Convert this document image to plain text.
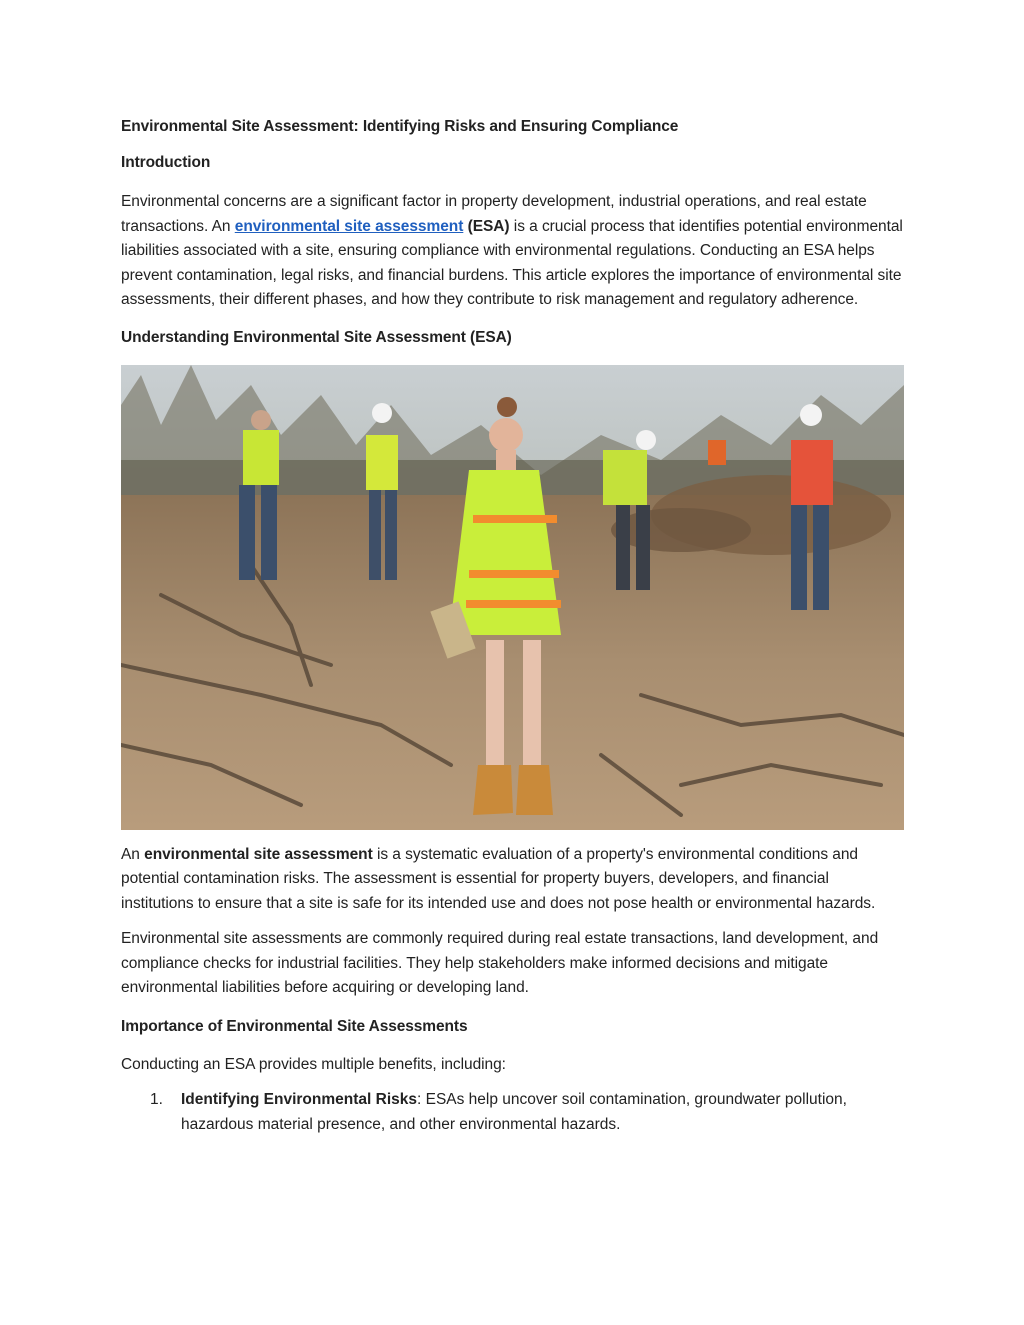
Environmental Site Assessment: Identifying Risks and Ensuring Compliance
Introduction

Environmental concerns are a significant factor in property development, industrial operations, and real estate transactions. An environmental site assessment (ESA) is a crucial process that identifies potential environmental liabilities associated with a site, ensuring compliance with environmental regulations. Conducting an ESA helps prevent contamination, legal risks, and financial burdens. This article explores the importance of environmental site assessments, their different phases, and how they contribute to risk management and regulatory adherence.

Understanding Environmental Site Assessment (ESA)

An environmental site assessment is a systematic evaluation of a property's environmental conditions and potential contamination risks. The assessment is essential for property buyers, developers, and financial institutions to ensure that a site is safe for its intended use and does not pose health or environmental hazards.

Environmental site assessments are commonly required during real estate transactions, land development, and compliance checks for industrial facilities. They help stakeholders make informed decisions and mitigate environmental liabilities before acquiring or developing land.

Importance of Environmental Site Assessments

Conducting an ESA provides multiple benefits, including:

1. Identifying Environmental Risks: ESAs help uncover soil contamination, groundwater pollution, hazardous material presence, and other environmental hazards.
